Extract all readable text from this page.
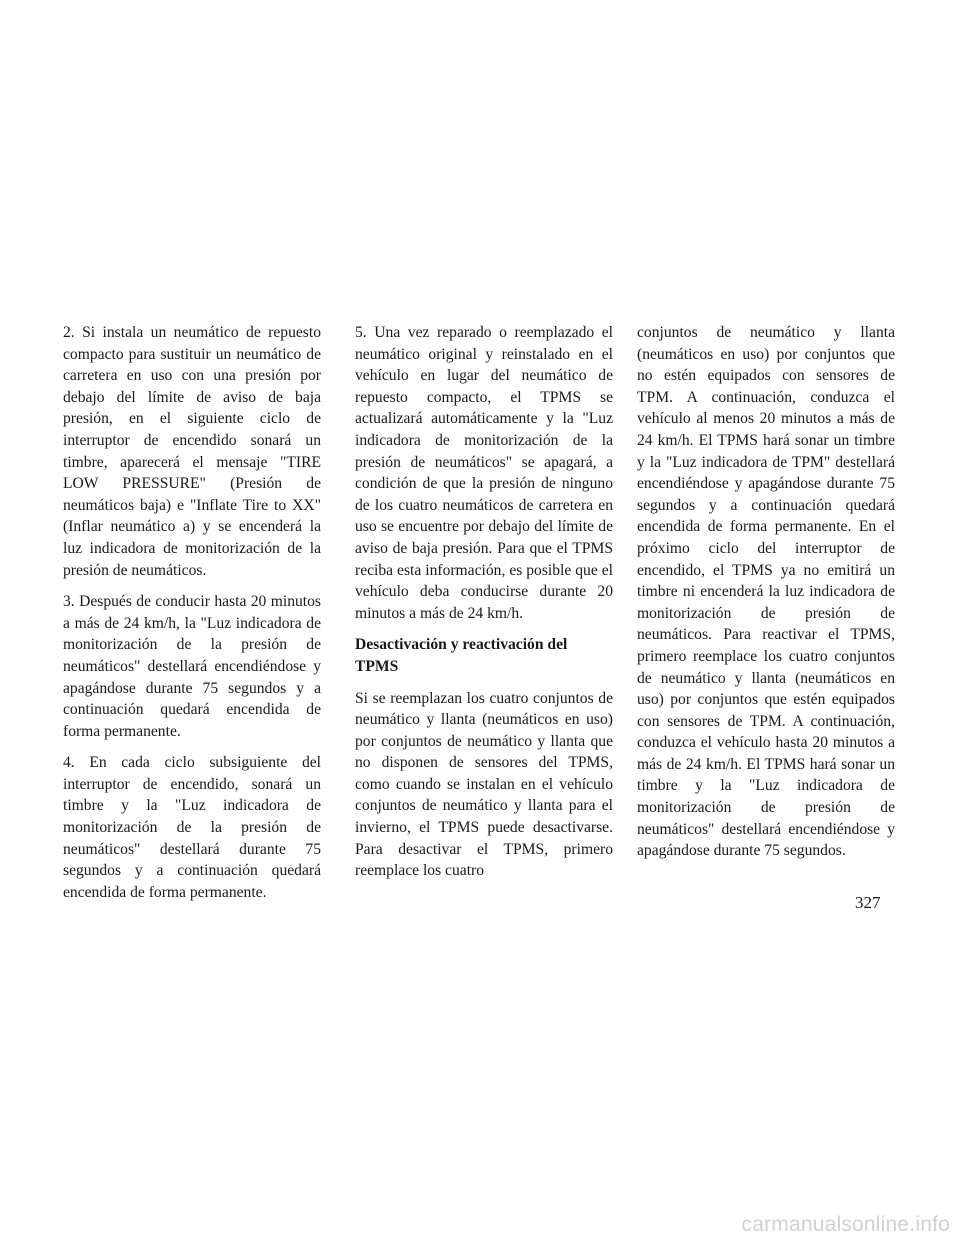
2. Si instala un neumático de repuesto compacto para sustituir un neumático de carretera en uso con una presión por debajo del límite de aviso de baja presión, en el siguiente ciclo de interruptor de encendido sonará un timbre, aparecerá el mensaje "TIRE LOW PRESSURE" (Presión de neumáticos baja) e "Inflate Tire to XX" (Inflar neumático a) y se encenderá la luz indicadora de monitorización de la presión de neumáticos.

3. Después de conducir hasta 20 minutos a más de 24 km/h, la "Luz indicadora de monitorización de la presión de neumáticos" destellará encendiéndose y apagándose durante 75 segundos y a continuación quedará encendida de forma permanente.

4. En cada ciclo subsiguiente del interruptor de encendido, sonará un timbre y la "Luz indicadora de monitorización de la presión de neumáticos" destellará durante 75 segundos y a continuación quedará encendida de forma permanente.

5. Una vez reparado o reemplazado el neumático original y reinstalado en el vehículo en lugar del neumático de repuesto compacto, el TPMS se actualizará automáticamente y la "Luz indicadora de monitorización de la presión de neumáticos" se apagará, a condición de que la presión de ninguno de los cuatro neumáticos de carretera en uso se encuentre por debajo del límite de aviso de baja presión. Para que el TPMS reciba esta información, es posible que el vehículo deba conducirse durante 20 minutos a más de 24 km/h.

Desactivación y reactivación del TPMS

Si se reemplazan los cuatro conjuntos de neumático y llanta (neumáticos en uso) por conjuntos de neumático y llanta que no disponen de sensores del TPMS, como cuando se instalan en el vehículo conjuntos de neumático y llanta para el invierno, el TPMS puede desactivarse. Para desactivar el TPMS, primero reemplace los cuatro

conjuntos de neumático y llanta (neumáticos en uso) por conjuntos que no estén equipados con sensores de TPM. A continuación, conduzca el vehículo al menos 20 minutos a más de 24 km/h. El TPMS hará sonar un timbre y la "Luz indicadora de TPM" destellará encendiéndose y apagándose durante 75 segundos y a continuación quedará encendida de forma permanente. En el próximo ciclo del interruptor de encendido, el TPMS ya no emitirá un timbre ni encenderá la luz indicadora de monitorización de presión de neumáticos. Para reactivar el TPMS, primero reemplace los cuatro conjuntos de neumático y llanta (neumáticos en uso) por conjuntos que estén equipados con sensores de TPM. A continuación, conduzca el vehículo hasta 20 minutos a más de 24 km/h. El TPMS hará sonar un timbre y la "Luz indicadora de monitorización de presión de neumáticos" destellará encendiéndose y apagándose durante 75 segundos.

327
carmanualsonline.info
